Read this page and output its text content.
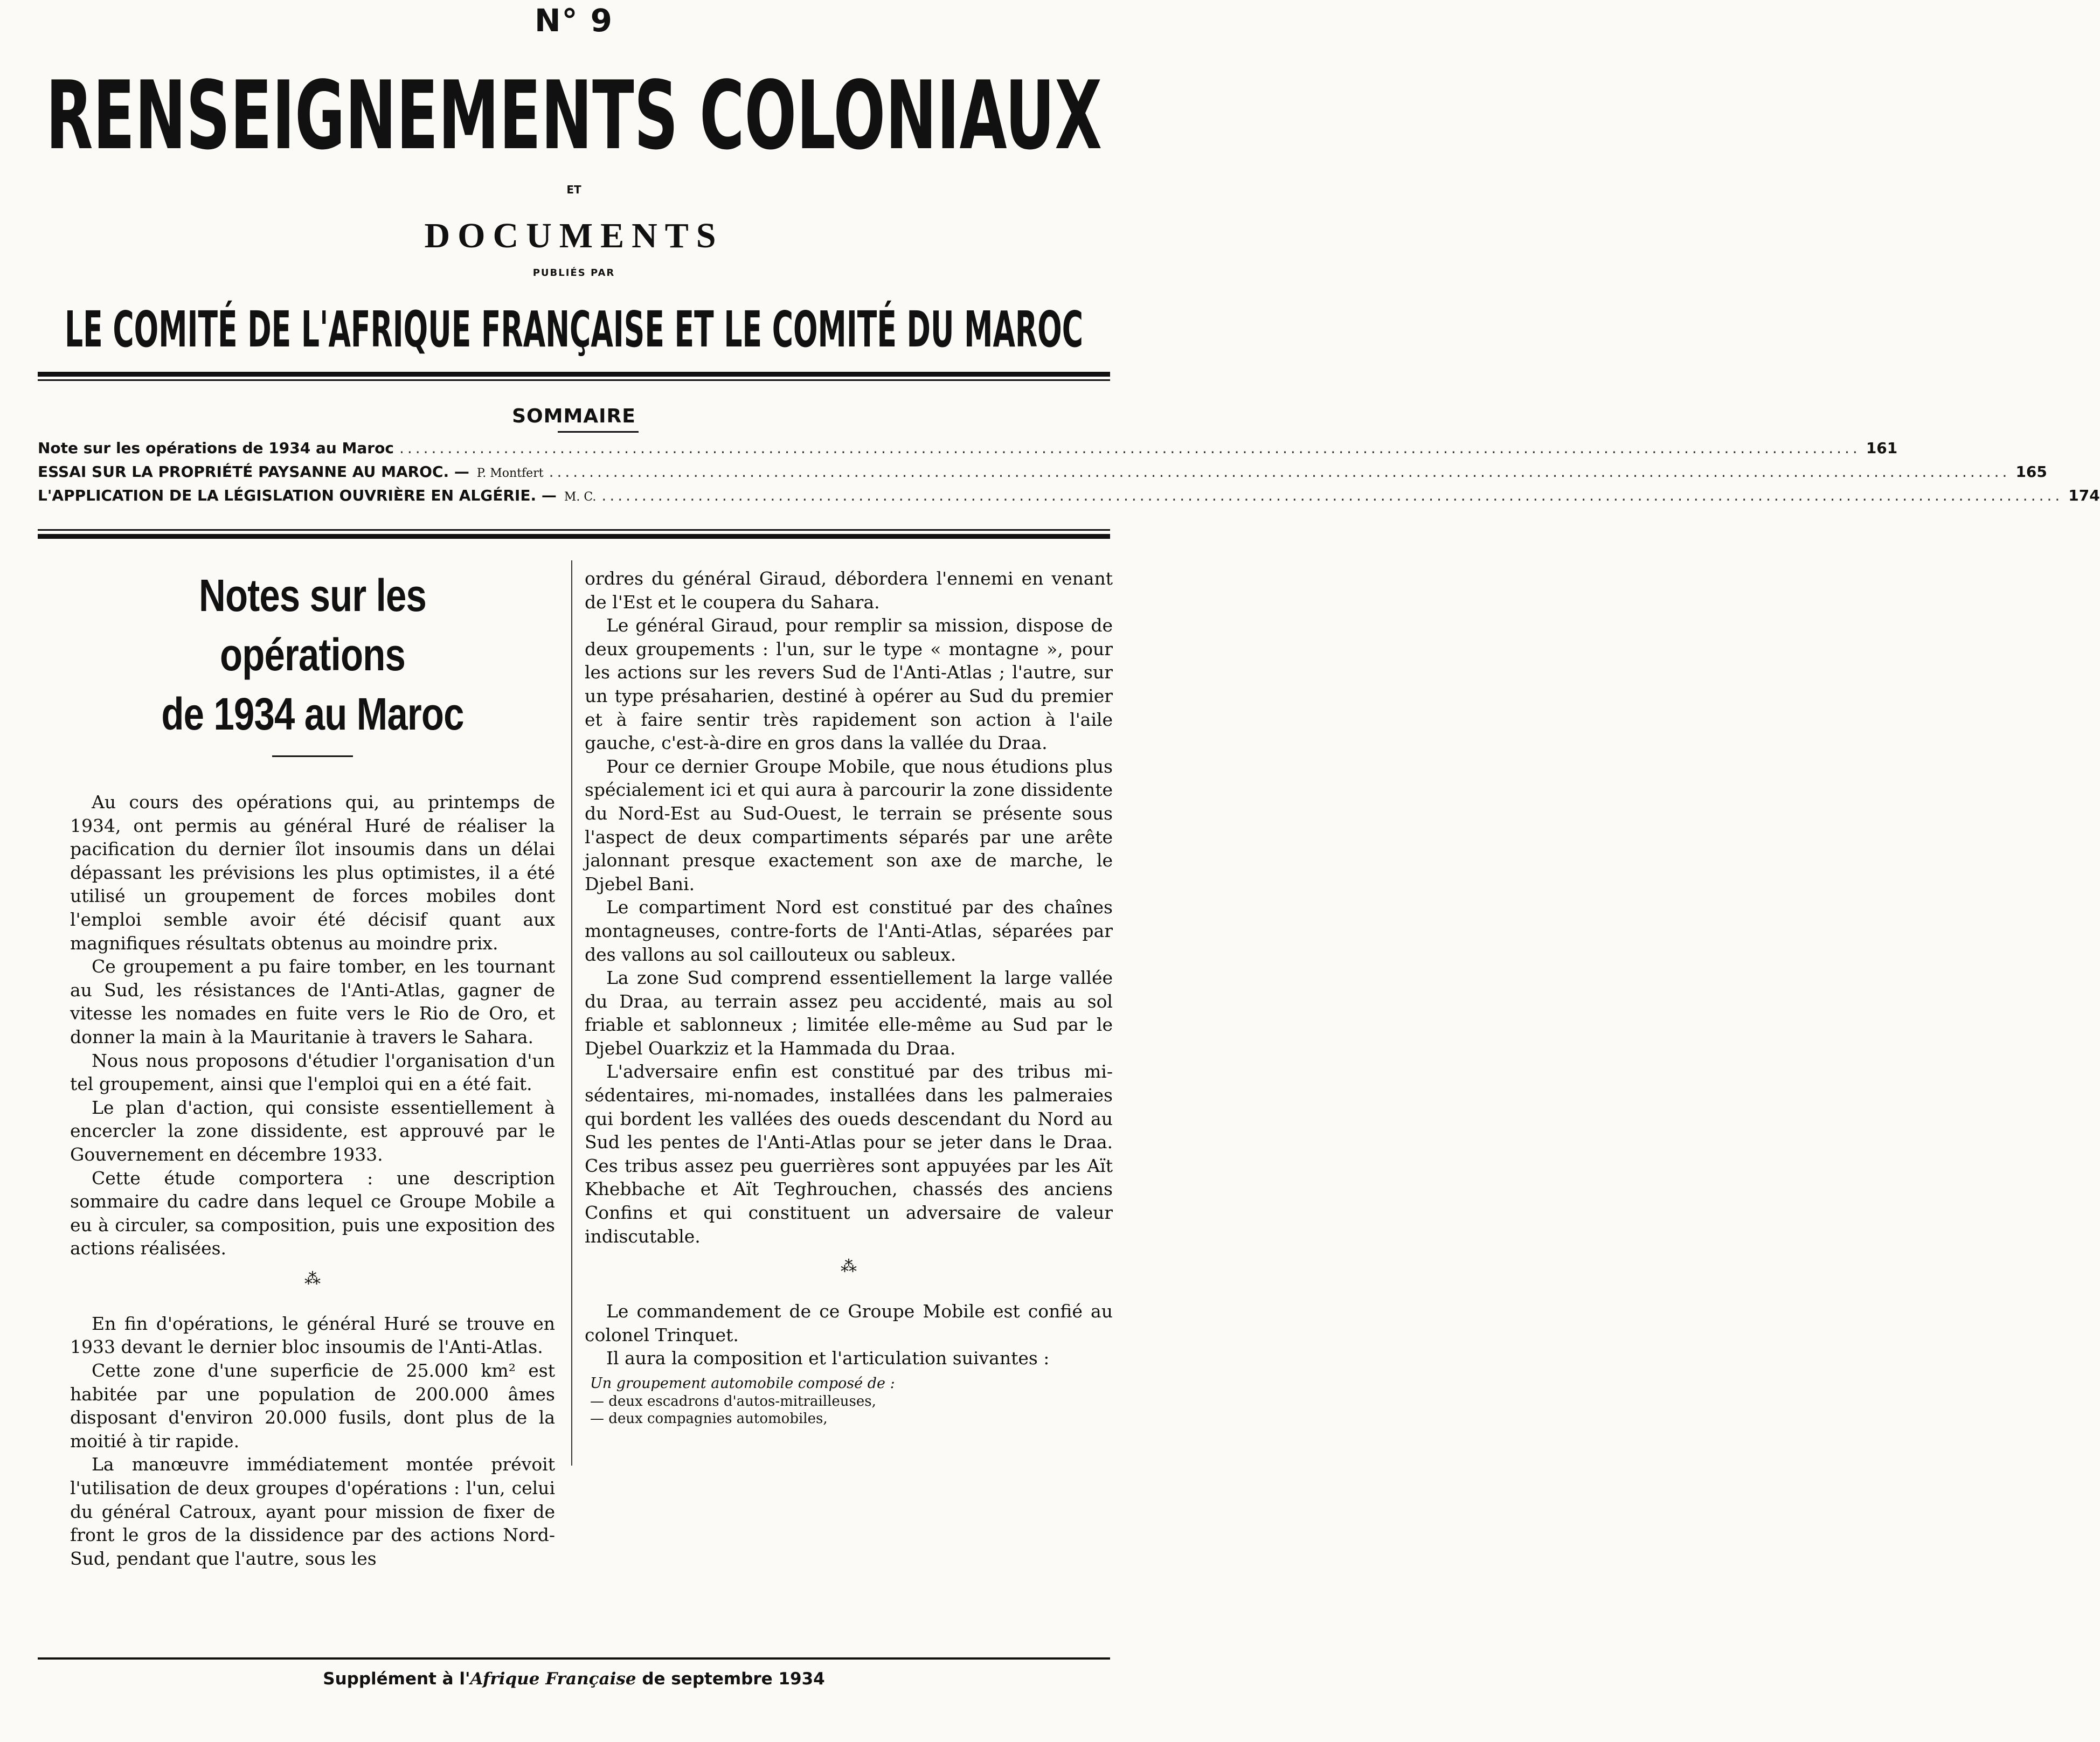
N° 9
RENSEIGNEMENTS COLONIAUX
ET
DOCUMENTS
PUBLIÉS PAR
LE COMITÉ DE L'AFRIQUE FRANÇAISE ET LE COMITÉ DU MAROC
SOMMAIRE
Note sur les opérations de 1934 au Maroc ...................................................................................................................................................................................... 161
ESSAI SUR LA PROPRIÉTÉ PAYSANNE AU MAROC. — P. Montfert ...................................................................................................................................................................................... 165
L'APPLICATION DE LA LÉGISLATION OUVRIÈRE EN ALGÉRIE. — M. C. ...................................................................................................................................................................................... 174
Notes sur les opérations
de 1934 au Maroc

Au cours des opérations qui, au printemps de 1934, ont permis au général Huré de réaliser la pacification du dernier îlot insoumis dans un délai dépassant les prévisions les plus optimistes, il a été utilisé un groupement de forces mobiles dont l'emploi semble avoir été décisif quant aux magnifiques résultats obtenus au moindre prix.

Ce groupement a pu faire tomber, en les tournant au Sud, les résistances de l'Anti-Atlas, gagner de vitesse les nomades en fuite vers le Rio de Oro, et donner la main à la Mauritanie à travers le Sahara.

Nous nous proposons d'étudier l'organisation d'un tel groupement, ainsi que l'emploi qui en a été fait.

Le plan d'action, qui consiste essentiellement à encercler la zone dissidente, est approuvé par le Gouvernement en décembre 1933.

Cette étude comportera : une description sommaire du cadre dans lequel ce Groupe Mobile a eu à circuler, sa composition, puis une exposition des actions réalisées.

⁂

En fin d'opérations, le général Huré se trouve en 1933 devant le dernier bloc insoumis de l'Anti-Atlas.

Cette zone d'une superficie de 25.000 km² est habitée par une population de 200.000 âmes disposant d'environ 20.000 fusils, dont plus de la moitié à tir rapide.

La manœuvre immédiatement montée prévoit l'utilisation de deux groupes d'opérations : l'un, celui du général Catroux, ayant pour mission de fixer de front le gros de la dissidence par des actions Nord-Sud, pendant que l'autre, sous les

ordres du général Giraud, débordera l'ennemi en venant de l'Est et le coupera du Sahara.

Le général Giraud, pour remplir sa mission, dispose de deux groupements : l'un, sur le type « montagne », pour les actions sur les revers Sud de l'Anti-Atlas ; l'autre, sur un type présaharien, destiné à opérer au Sud du premier et à faire sentir très rapidement son action à l'aile gauche, c'est-à-dire en gros dans la vallée du Draa.

Pour ce dernier Groupe Mobile, que nous étudions plus spécialement ici et qui aura à parcourir la zone dissidente du Nord-Est au Sud-Ouest, le terrain se présente sous l'aspect de deux compartiments séparés par une arête jalonnant presque exactement son axe de marche, le Djebel Bani.

Le compartiment Nord est constitué par des chaînes montagneuses, contre-forts de l'Anti-Atlas, séparées par des vallons au sol caillouteux ou sableux.

La zone Sud comprend essentiellement la large vallée du Draa, au terrain assez peu accidenté, mais au sol friable et sablonneux ; limitée elle-même au Sud par le Djebel Ouarkziz et la Hammada du Draa.

L'adversaire enfin est constitué par des tribus mi-sédentaires, mi-nomades, installées dans les palmeraies qui bordent les vallées des oueds descendant du Nord au Sud les pentes de l'Anti-Atlas pour se jeter dans le Draa. Ces tribus assez peu guerrières sont appuyées par les Aït Khebbache et Aït Teghrouchen, chassés des anciens Confins et qui constituent un adversaire de valeur indiscutable.

⁂

Le commandement de ce Groupe Mobile est confié au colonel Trinquet.

Il aura la composition et l'articulation suivantes :

Un groupement automobile composé de :
— deux escadrons d'autos-mitrailleuses,
— deux compagnies automobiles,
Supplément à l'Afrique Française de septembre 1934
